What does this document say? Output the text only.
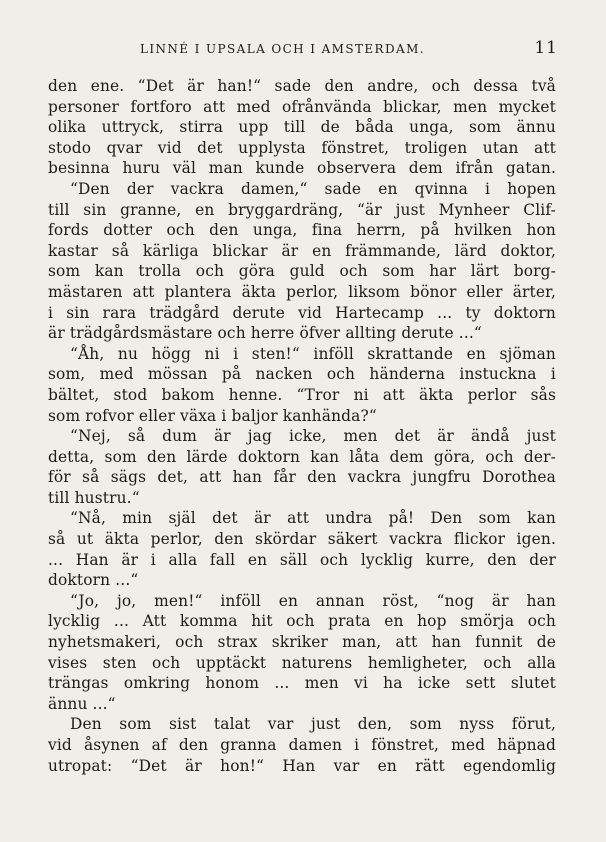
LINNÉ I UPSALA OCH I AMSTERDAM.	11
den ene. “Det är han!“ sade den andre, och dessa två
personer fortforo att med ofrånvända blickar, men mycket
olika uttryck, stirra upp till de båda unga, som ännu
stodo qvar vid det upplysta fönstret, troligen utan att
besinna huru väl man kunde observera dem ifrån gatan.
“Den der vackra damen,“ sade en qvinna i hopen
till sin granne, en bryggardräng, “är just Mynheer Clif-
fords dotter och den unga, fina herrn, på hvilken hon
kastar så kärliga blickar är en främmande, lärd doktor,
som kan trolla och göra guld och som har lärt borg-
mästaren att plantera äkta perlor, liksom bönor eller ärter,
i sin rara trädgård derute vid Hartecamp ... ty doktorn
är trädgårdsmästare och herre öfver allting derute ...“
“Åh, nu högg ni i sten!“ inföll skrattande en sjöman
som, med mössan på nacken och händerna instuckna i
bältet, stod bakom henne. “Tror ni att äkta perlor sås
som rofvor eller växa i baljor kanhända?“
“Nej, så dum är jag icke, men det är ändå just
detta, som den lärde doktorn kan låta dem göra, och der-
för så sägs det, att han får den vackra jungfru Dorothea
till hustru.“
“Nå, min själ det är att undra på! Den som kan
så ut äkta perlor, den skördar säkert vackra flickor igen.
... Han är i alla fall en säll och lycklig kurre, den der
doktorn ...“
“Jo, jo, men!“ inföll en annan röst, “nog är han
lycklig ... Att komma hit och prata en hop smörja och
nyhetsmakeri, och strax skriker man, att han funnit de
vises sten och upptäckt naturens hemligheter, och alla
trängas omkring honom ... men vi ha icke sett slutet
ännu ...“
Den som sist talat var just den, som nyss förut,
vid åsynen af den granna damen i fönstret, med häpnad
utropat: “Det är hon!“ Han var en rätt egendomlig
